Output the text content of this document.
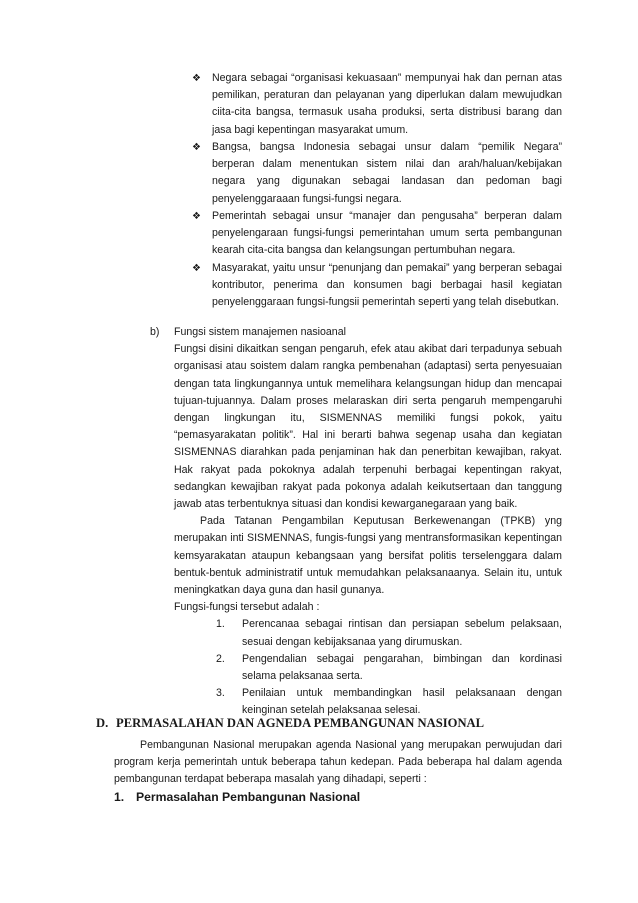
❖ Negara sebagai “organisasi kekuasaan” mempunyai hak dan pernan atas pemilikan, peraturan dan pelayanan yang diperlukan dalam mewujudkan ciita-cita bangsa, termasuk usaha produksi, serta distribusi barang dan jasa bagi kepentingan masyarakat umum.

❖ Bangsa, bangsa Indonesia sebagai unsur dalam “pemilik Negara” berperan dalam menentukan sistem nilai dan arah/haluan/kebijakan negara yang digunakan sebagai landasan dan pedoman bagi penyelenggaraaan fungsi-fungsi negara.

❖ Pemerintah sebagai unsur “manajer dan pengusaha” berperan dalam penyelengaraan fungsi-fungsi pemerintahan umum serta pembangunan kearah cita-cita bangsa dan kelangsungan pertumbuhan negara.

❖ Masyarakat, yaitu unsur “penunjang dan pemakai” yang berperan sebagai kontributor, penerima dan konsumen bagi berbagai hasil kegiatan penyelenggaraan fungsi-fungsii pemerintah seperti yang telah disebutkan.

b) Fungsi sistem manajemen nasioanal

Fungsi disini dikaitkan sengan pengaruh, efek atau akibat dari terpadunya sebuah organisasi atau soistem dalam rangka pembenahan (adaptasi) serta penyesuaian dengan tata lingkungannya untuk memelihara kelangsungan hidup dan mencapai tujuan-tujuannya. Dalam proses melaraskan diri serta pengaruh mempengaruhi dengan lingkungan itu, SISMENNAS memiliki fungsi pokok, yaitu “pemasyarakatan politik”. Hal ini berarti bahwa segenap usaha dan kegiatan SISMENNAS diarahkan pada penjaminan hak dan penerbitan kewajiban, rakyat. Hak rakyat pada pokoknya adalah terpenuhi berbagai kepentingan rakyat, sedangkan kewajiban rakyat pada pokonya adalah keikutsertaan dan tanggung jawab atas terbentuknya situasi dan kondisi kewarganegaraan yang baik.

Pada Tatanan Pengambilan Keputusan Berkewenangan (TPKB) yng merupakan inti SISMENNAS, fungis-fungsi yang mentransformasikan kepentingan kemsyarakatan ataupun kebangsaan yang bersifat politis terselenggara dalam bentuk-bentuk administratif untuk memudahkan pelaksanaanya. Selain itu, untuk meningkatkan daya guna dan hasil gunanya.

Fungsi-fungsi tersebut adalah :

1. Perencanaa sebagai rintisan dan persiapan sebelum pelaksaan, sesuai dengan kebijaksanaa yang dirumuskan.

2. Pengendalian sebagai pengarahan, bimbingan dan kordinasi selama pelaksanaa serta.

3. Penilaian untuk membandingkan hasil pelaksanaan dengan keinginan setelah pelaksanaa selesai.

D. PERMASALAHAN DAN AGNEDA PEMBANGUNAN NASIONAL

Pembangunan Nasional merupakan agenda Nasional yang merupakan perwujudan dari program kerja pemerintah untuk beberapa tahun kedepan. Pada beberapa hal dalam agenda pembangunan terdapat beberapa masalah yang dihadapi, seperti :

1. Permasalahan Pembangunan Nasional
